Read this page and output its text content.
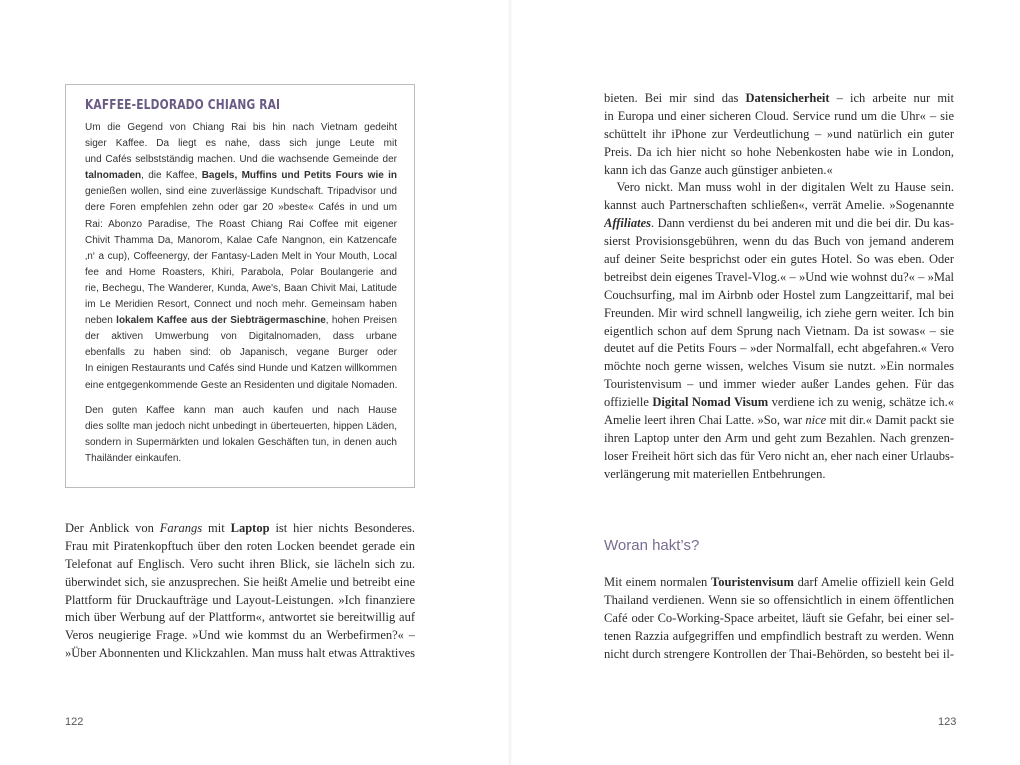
KAFFEE-ELDORADO CHIANG RAI
Um die Gegend von Chiang Rai bis hin nach Vietnam gedeiht
siger Kaffee. Da liegt es nahe, dass sich junge Leute mit
und Cafés selbstständig machen. Und die wachsende Gemeinde der
talnomaden, die Kaffee, Bagels, Muffins und Petits Fours wie in
genießen wollen, sind eine zuverlässige Kundschaft. Tripadvisor und
dere Foren empfehlen zehn oder gar 20 »beste« Cafés in und um
Rai: Abonzo Paradise, The Roast Chiang Rai Coffee mit eigener
Chivit Thamma Da, Manorom, Kalae Cafe Nangnon, ein Katzencafe
‚n‘ a cup), Coffeenergy, der Fantasy-Laden Melt in Your Mouth, Local
fee and Home Roasters, Khiri, Parabola, Polar Boulangerie and
rie, Bechegu, The Wanderer, Kunda, Awe's, Baan Chivit Mai, Latitude
im Le Meridien Resort, Connect und noch mehr. Gemeinsam haben
neben lokalem Kaffee aus der Siebträgermaschine, hohen Preisen
der aktiven Umwerbung von Digitalnomaden, dass urbane
ebenfalls zu haben sind: ob Japanisch, vegane Burger oder
In einigen Restaurants und Cafés sind Hunde und Katzen willkommen
eine entgegenkommende Geste an Residenten und digitale Nomaden.
Den guten Kaffee kann man auch kaufen und nach Hause
dies sollte man jedoch nicht unbedingt in überteuerten, hippen Läden,
sondern in Supermärkten und lokalen Geschäften tun, in denen auch
Thailänder einkaufen.
Der Anblick von Farangs mit Laptop ist hier nichts Besonderes.
Frau mit Piratenkopftuch über den roten Locken beendet gerade ein
Telefonat auf Englisch. Vero sucht ihren Blick, sie lächeln sich zu.
überwindet sich, sie anzusprechen. Sie heißt Amelie und betreibt eine
Plattform für Druckaufträge und Layout-Leistungen. »Ich finanziere
mich über Werbung auf der Plattform«, antwortet sie bereitwillig auf
Veros neugierige Frage. »Und wie kommst du an Werbefirmen?« –
»Über Abonnenten und Klickzahlen. Man muss halt etwas Attraktives
bieten. Bei mir sind das Datensicherheit – ich arbeite nur mit
in Europa und einer sicheren Cloud. Service rund um die Uhr« – sie
schüttelt ihr iPhone zur Verdeutlichung – »und natürlich ein guter
Preis. Da ich hier nicht so hohe Nebenkosten habe wie in London,
kann ich das Ganze auch günstiger anbieten.«
 Vero nickt. Man muss wohl in der digitalen Welt zu Hause sein.
kannst auch Partnerschaften schließen«, verrät Amelie. »Sogenannte
Affiliates. Dann verdienst du bei anderen mit und die bei dir. Du kas-
sierst Provisionsgebühren, wenn du das Buch von jemand anderem
auf deiner Seite besprichst oder ein gutes Hotel. So was eben. Oder
betreibst dein eigenes Travel-Vlog.« – »Und wie wohnst du?« – »Mal
Couchsurfing, mal im Airbnb oder Hostel zum Langzeittarif, mal bei
Freunden. Mir wird schnell langweilig, ich ziehe gern weiter. Ich bin
eigentlich schon auf dem Sprung nach Vietnam. Da ist sowas« – sie
deutet auf die Petits Fours – »der Normalfall, echt abgefahren.« Vero
möchte noch gerne wissen, welches Visum sie nutzt. »Ein normales
Touristenvisum – und immer wieder außer Landes gehen. Für das
offizielle Digital Nomad Visum verdiene ich zu wenig, schätze ich.«
Amelie leert ihren Chai Latte. »So, war nice mit dir.« Damit packt sie
ihren Laptop unter den Arm und geht zum Bezahlen. Nach grenzen-
loser Freiheit hört sich das für Vero nicht an, eher nach einer Urlaubs-
verlängerung mit materiellen Entbehrungen.
Woran hakt’s?
Mit einem normalen Touristenvisum darf Amelie offiziell kein Geld
Thailand verdienen. Wenn sie so offensichtlich in einem öffentlichen
Café oder Co-Working-Space arbeitet, läuft sie Gefahr, bei einer sel-
tenen Razzia aufgegriffen und empfindlich bestraft zu werden. Wenn
nicht durch strengere Kontrollen der Thai-Behörden, so besteht bei il-
122	123
